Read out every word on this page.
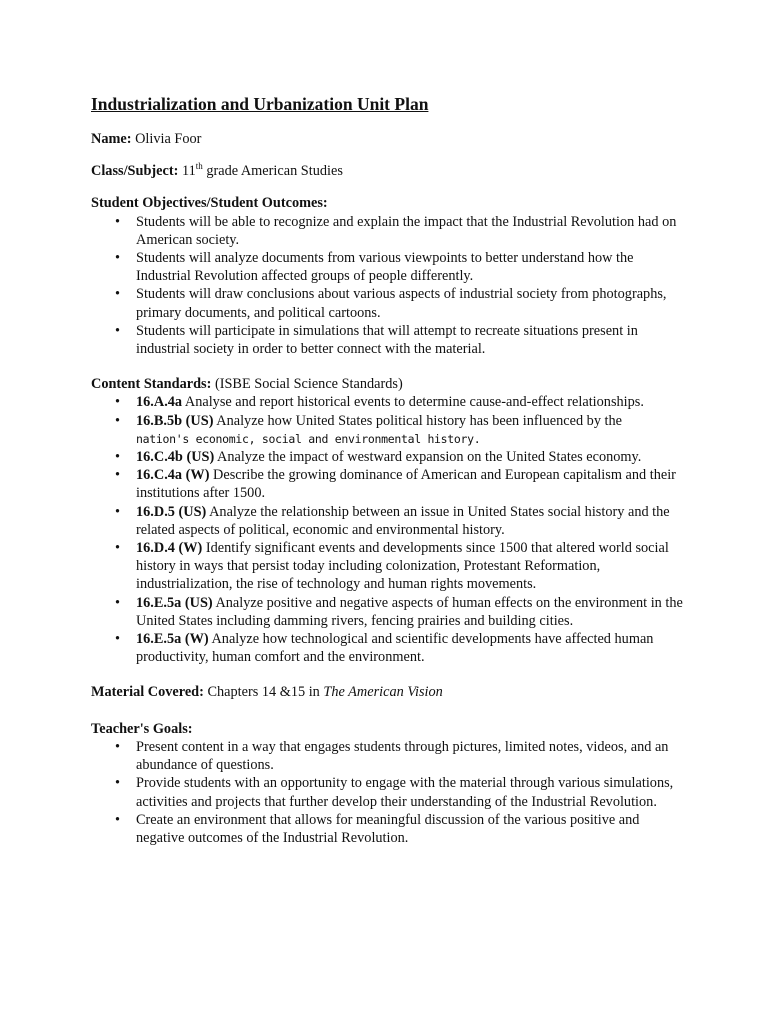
Industrialization and Urbanization Unit Plan
Name: Olivia Foor
Class/Subject: 11th grade American Studies
Student Objectives/Student Outcomes:
• Students will be able to recognize and explain the impact that the Industrial Revolution had on American society.
• Students will analyze documents from various viewpoints to better understand how the Industrial Revolution affected groups of people differently.
• Students will draw conclusions about various aspects of industrial society from photographs, primary documents, and political cartoons.
• Students will participate in simulations that will attempt to recreate situations present in industrial society in order to better connect with the material.
Content Standards: (ISBE Social Science Standards)
• 16.A.4a Analyse and report historical events to determine cause-and-effect relationships.
• 16.B.5b (US) Analyze how United States political history has been influenced by the
nation's economic, social and environmental history.
• 16.C.4b (US) Analyze the impact of westward expansion on the United States economy.
• 16.C.4a (W) Describe the growing dominance of American and European capitalism and their institutions after 1500.
• 16.D.5 (US) Analyze the relationship between an issue in United States social history and the related aspects of political, economic and environmental history.
• 16.D.4 (W) Identify significant events and developments since 1500 that altered world social history in ways that persist today including colonization, Protestant Reformation, industrialization, the rise of technology and human rights movements.
• 16.E.5a (US) Analyze positive and negative aspects of human effects on the environment in the United States including damming rivers, fencing prairies and building cities.
• 16.E.5a (W) Analyze how technological and scientific developments have affected human productivity, human comfort and the environment.
Material Covered: Chapters 14 &15 in The American Vision
Teacher's Goals:
• Present content in a way that engages students through pictures, limited notes, videos, and an abundance of questions.
• Provide students with an opportunity to engage with the material through various simulations, activities and projects that further develop their understanding of the Industrial Revolution.
• Create an environment that allows for meaningful discussion of the various positive and negative outcomes of the Industrial Revolution.
